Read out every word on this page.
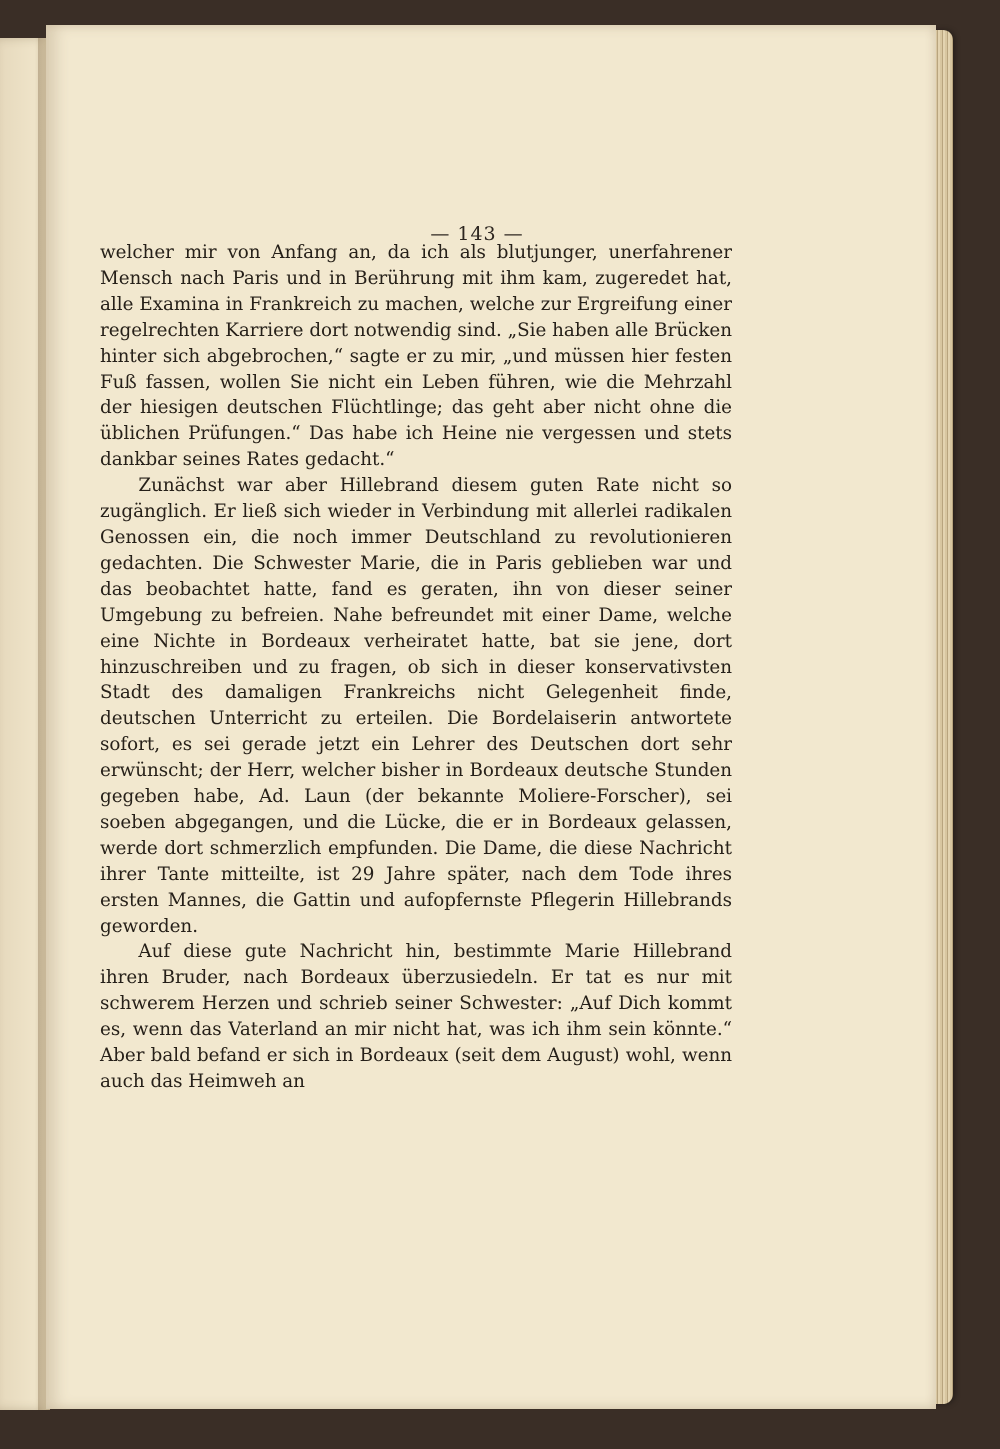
— 143 —

welcher mir von Anfang an, da ich als blutjunger, unerfahrener Mensch nach Paris und in Berührung mit ihm kam, zugeredet hat, alle Examina in Frankreich zu machen, welche zur Ergreifung einer regelrechten Karriere dort notwendig sind. „Sie haben alle Brücken hinter sich abgebrochen,“ sagte er zu mir, „und müssen hier festen Fuß fassen, wollen Sie nicht ein Leben führen, wie die Mehrzahl der hiesigen deutschen Flüchtlinge; das geht aber nicht ohne die üblichen Prüfungen.“ Das habe ich Heine nie vergessen und stets dankbar seines Rates gedacht.“

Zunächst war aber Hillebrand diesem guten Rate nicht so zugänglich. Er ließ sich wieder in Verbindung mit allerlei radikalen Genossen ein, die noch immer Deutschland zu revolutionieren gedachten. Die Schwester Marie, die in Paris geblieben war und das beobachtet hatte, fand es geraten, ihn von dieser seiner Umgebung zu befreien. Nahe befreundet mit einer Dame, welche eine Nichte in Bordeaux verheiratet hatte, bat sie jene, dort hinzuschreiben und zu fragen, ob sich in dieser konservativsten Stadt des damaligen Frankreichs nicht Gelegenheit finde, deutschen Unterricht zu erteilen. Die Bordelaiserin antwortete sofort, es sei gerade jetzt ein Lehrer des Deutschen dort sehr erwünscht; der Herr, welcher bisher in Bordeaux deutsche Stunden gegeben habe, Ad. Laun (der bekannte Moliere-Forscher), sei soeben abgegangen, und die Lücke, die er in Bordeaux gelassen, werde dort schmerzlich empfunden. Die Dame, die diese Nachricht ihrer Tante mitteilte, ist 29 Jahre später, nach dem Tode ihres ersten Mannes, die Gattin und aufopfernste Pflegerin Hillebrands geworden.

Auf diese gute Nachricht hin, bestimmte Marie Hillebrand ihren Bruder, nach Bordeaux überzusiedeln. Er tat es nur mit schwerem Herzen und schrieb seiner Schwester: „Auf Dich kommt es, wenn das Vaterland an mir nicht hat, was ich ihm sein könnte.“ Aber bald befand er sich in Bordeaux (seit dem August) wohl, wenn auch das Heimweh an
